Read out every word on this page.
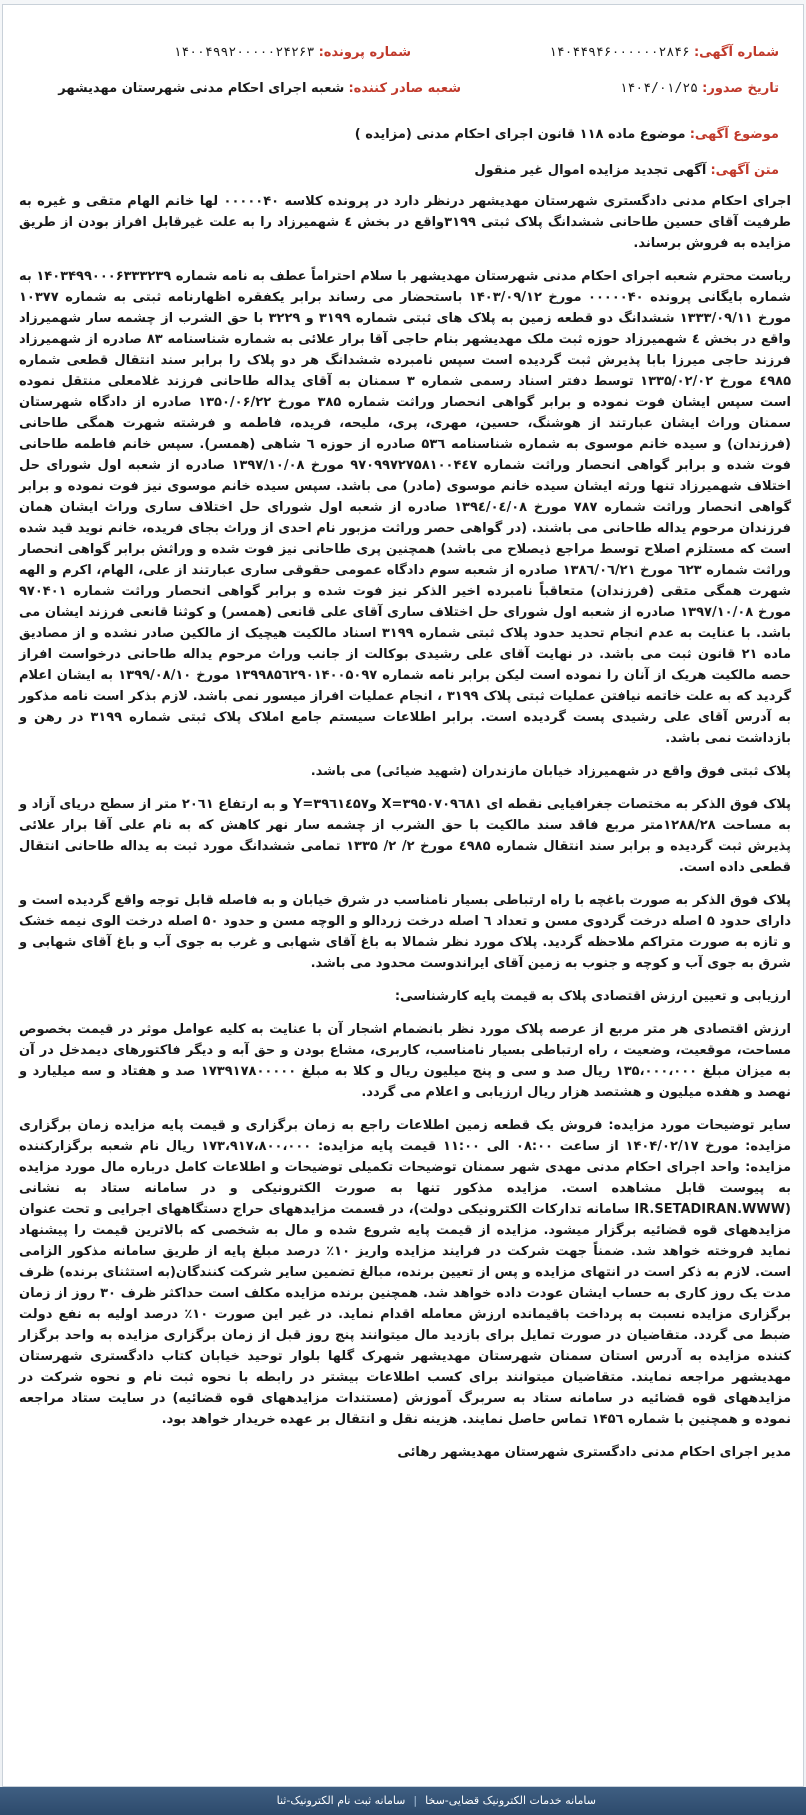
شماره آگهی: ۱۴۰۴۴۹۴۶۰۰۰۰۰۰۲۸۴۶
شماره پرونده: ۱۴۰۰۴۹۹۲۰۰۰۰۰۲۴۲۶۳
تاریخ صدور: ۱۴۰۴/۰۱/۲۵
شعبه صادر کننده: شعبه اجرای احکام مدنی شهرستان مهدیشهر
موضوع آگهی: موضوع ماده ۱۱۸ قانون اجرای احکام مدنی (مزایده )
متن آگهی: آگهی تجدید مزایده اموال غیر منقول

اجرای احکام مدنی دادگستری شهرستان مهدیشهر درنظر دارد در پرونده کلاسه ۰۰۰۰۰۴۰ لها خانم الهام متقی و غیره به طرفیت آقای حسین طاحانی ششدانگ پلاک ثبتی ۳۱۹۹واقع در بخش ٤ شهمیرزاد را به علت غیرقابل افراز بودن از طریق مزایده به فروش برساند.

ریاست محترم شعبه اجرای احکام مدنی شهرستان مهدیشهر با سلام احتراماً عطف به نامه شماره ۱۴۰۳۴۹۹۰۰۰۶۳۳۳۲۳۹ به شماره بایگانی پرونده ۰۰۰۰۰۴۰ مورخ ۱۴۰۳/۰۹/۱۲ باستحضار می رساند برابر یکفقره اظهارنامه ثبتی به شماره ۱۰۳۷۷ مورخ ۱۳۳۳/۰۹/۱۱ ششدانگ دو قطعه زمین به پلاک های ثبتی شماره ۳۱۹۹ و ۳۲۲۹ با حق الشرب از چشمه سار شهمیرزاد واقع در بخش ٤ شهمیرزاد حوزه ثبت ملک مهدیشهر بنام حاجی آقا برار علائی به شماره شناسنامه ۸۳ صادره از شهمیرزاد فرزند حاجی میرزا بابا پذیرش ثبت گردیده است سپس نامبرده ششدانگ هر دو پلاک را برابر سند انتقال قطعی شماره ٤۹۸۵ مورخ ۱۳۳۵/۰۲/۰۲ توسط دفتر اسناد رسمی شماره ۳ سمنان به آقای یداله طاحانی فرزند غلامعلی منتقل نموده است سپس ایشان فوت نموده و برابر گواهی انحصار وراثت شماره ۳۸۵ مورخ ۱۳۵۰/۰۶/۲۲ صادره از دادگاه شهرستان سمنان وراث ایشان عبارتند از هوشنگ، حسین، مهری، پری، ملیحه، فریده، فاطمه و فرشته شهرت همگی طاحانی (فرزندان) و سیده خانم موسوی به شماره شناسنامه ۵۳٦ صادره از حوزه ٦ شاهی (همسر). سپس خانم فاطمه طاحانی فوت شده و برابر گواهی انحصار وراثت شماره ۹۷۰۹۹۷۲۷۵۸۱۰۰۴٤۷ مورخ ۱۳۹۷/۱۰/۰۸ صادره از شعبه اول شورای حل اختلاف شهمیرزاد تنها ورثه ایشان سیده خانم موسوی (مادر) می باشد. سپس سیده خانم موسوی نیز فوت نموده و برابر گواهی انحصار وراثت شماره ۷۸۷ مورخ ۱۳۹٤/۰٤/۰۸ صادره از شعبه اول شورای حل اختلاف ساری وراث ایشان همان فرزندان مرحوم یداله طاحانی می باشند. (در گواهی حصر وراثت مزبور نام احدی از وراث بجای فریده، خانم نوید قید شده است که مستلزم اصلاح توسط مراجع ذیصلاح می باشد) همچنین پری طاحانی نیز فوت شده و وراثش برابر گواهی انحصار وراثت شماره ٦۲۳ مورخ ۱۳۸٦/۰٦/۲۱ صادره از شعبه سوم دادگاه عمومی حقوقی ساری عبارتند از علی، الهام، اکرم و الهه شهرت همگی متقی (فرزندان) متعاقباً نامبرده اخیر الذکر نیز فوت شده و برابر گواهی انحصار وراثت شماره ۹۷۰۴۰۱ مورخ ۱۳۹۷/۱۰/۰۸ صادره از شعبه اول شورای حل اختلاف ساری آقای علی قانعی (همسر) و کوثنا قانعی فرزند ایشان می باشد. با عنایت به عدم انجام تحدید حدود پلاک ثبتی شماره ۳۱۹۹ اسناد مالکیت هیچیک از مالکین صادر نشده و از مصادیق ماده ۲۱ قانون ثبت می باشد. در نهایت آقای علی رشیدی بوکالت از جانب وراث مرحوم یداله طاحانی درخواست افراز حصه مالکیت هریک از آنان را نموده است لیکن برابر نامه شماره ۱۳۹۹۸۵٦۲۹۰۱۴۰۰۵۰۹۷ مورخ ۱۳۹۹/۰۸/۱۰ به ایشان اعلام گردید که به علت خاتمه نیافتن عملیات ثبتی پلاک ۳۱۹۹ ، انجام عملیات افراز میسور نمی باشد. لازم بذکر است نامه مذکور به آدرس آقای علی رشیدی پست گردیده است. برابر اطلاعات سیستم جامع املاک پلاک ثبتی شماره ۳۱۹۹ در رهن و بازداشت نمی باشد.

پلاک ثبتی فوق واقع در شهمیرزاد خیابان مازندران (شهید ضیائی) می باشد.

پلاک فوق الذکر به مختصات جغرافیایی نقطه ای X=۳۹۵۰۷۰۹٦۸۱ وY=۳۹٦۱٤۵۷ و به ارتفاع ۲۰٦۱ متر از سطح دریای آزاد و به مساحت ۱۲۸۸/۲۸متر مربع فاقد سند مالکیت با حق الشرب از چشمه سار نهر کاهش که به نام علی آقا برار علائی پذیرش ثبت گردیده و برابر سند انتقال شماره ٤۹۸۵ مورخ ۲/ ۲/ ۱۳۳۵ تمامی ششدانگ مورد ثبت به یداله طاحانی انتقال قطعی داده است.

پلاک فوق الذکر به صورت باغچه با راه ارتباطی بسیار نامناسب در شرق خیابان و به فاصله قابل توجه واقع گردیده است و دارای حدود ۵ اصله درخت گردوی مسن و تعداد ٦ اصله درخت زردالو و الوچه مسن و حدود ۵۰ اصله درخت الوی نیمه خشک و تازه به صورت متراکم ملاحظه گردید. پلاک مورد نظر شمالا به باغ آقای شهابی و غرب به جوی آب و باغ آقای شهابی و شرق به جوی آب و کوچه و جنوب به زمین آقای ایراندوست محدود می باشد.

ارزیابی و تعیین ارزش اقتصادی پلاک به قیمت پایه کارشناسی:

ارزش اقتصادی هر متر مربع از عرصه پلاک مورد نظر بانضمام اشجار آن با عنایت به کلیه عوامل موثر در قیمت بخصوص مساحت، موقعیت، وضعیت ، راه ارتباطی بسیار نامناسب، کاربری، مشاع بودن و حق آبه و دیگر فاکتورهای دیمدخل در آن به میزان مبلغ ۱۳۵،۰۰۰،۰۰۰ ریال صد و سی و پنج میلیون ریال و کلا به مبلغ ۱۷۳۹۱۷۸۰۰۰۰۰ صد و هفتاد و سه میلیارد و نهصد و هفده میلیون و هشتصد هزار ریال ارزیابی و اعلام می گردد.

سایر توضیحات مورد مزایده: فروش یک قطعه زمین اطلاعات راجع به زمان برگزاری و قیمت پایه مزایده زمان برگزاری مزایده: مورخ ۱۴۰۴/۰۲/۱۷ از ساعت ۰۸:۰۰ الی ۱۱:۰۰ قیمت پایه مزایده: ۱۷۳،۹۱۷،۸۰۰،۰۰۰ ریال نام شعبه برگزارکننده مزایده: واحد اجرای احکام مدنی مهدی شهر سمنان توضیحات تکمیلی توضیحات و اطلاعات کامل درباره مال مورد مزایده به پیوست قابل مشاهده است. مزایده مذکور تنها به صورت الکترونیکی و در سامانه ستاد به نشانی (IR.SETADIRAN.WWW سامانه تدارکات الکترونیکی دولت)، در قسمت مزایدههای حراج دستگاههای اجرایی و تحت عنوان مزایدههای قوه قضائیه برگزار میشود. مزایده از قیمت پایه شروع شده و مال به شخصی که بالاترین قیمت را پیشنهاد نماید فروخته خواهد شد. ضمناً جهت شرکت در فرایند مزایده واریز ۱۰٪ درصد مبلغ پایه از طریق سامانه مذکور الزامی است. لازم به ذکر است در انتهای مزایده و پس از تعیین برنده، مبالغ تضمین سایر شرکت کنندگان(به استثنای برنده) ظرف مدت یک روز کاری به حساب ایشان عودت داده خواهد شد. همچنین برنده مزایده مکلف است حداکثر ظرف ۳۰ روز از زمان برگزاری مزایده نسبت به پرداخت باقیمانده ارزش معامله اقدام نماید. در غیر این صورت ۱۰٪ درصد اولیه به نفع دولت ضبط می گردد. متقاضیان در صورت تمایل برای بازدید مال میتوانند پنج روز قبل از زمان برگزاری مزایده به واحد برگزار کننده مزایده به آدرس استان سمنان شهرستان مهدیشهر شهرک گلها بلوار توحید خیابان کتاب دادگستری شهرستان مهدیشهر مراجعه نمایند. متقاضیان میتوانند برای کسب اطلاعات بیشتر در رابطه با نحوه ثبت نام و نحوه شرکت در مزایدههای قوه قضائیه در سامانه ستاد به سربرگ آموزش (مستندات مزایدههای قوه قضائیه) در سایت ستاد مراجعه نموده و همچنین با شماره ۱۴۵٦ تماس حاصل نمایند. هزینه نقل و انتقال بر عهده خریدار خواهد بود.

مدیر اجرای احکام مدنی دادگستری شهرستان مهدیشهر رهائی

سامانه خدمات الکترونیک قضایی-سخا|سامانه ثبت نام الکترونیک-ثنا
